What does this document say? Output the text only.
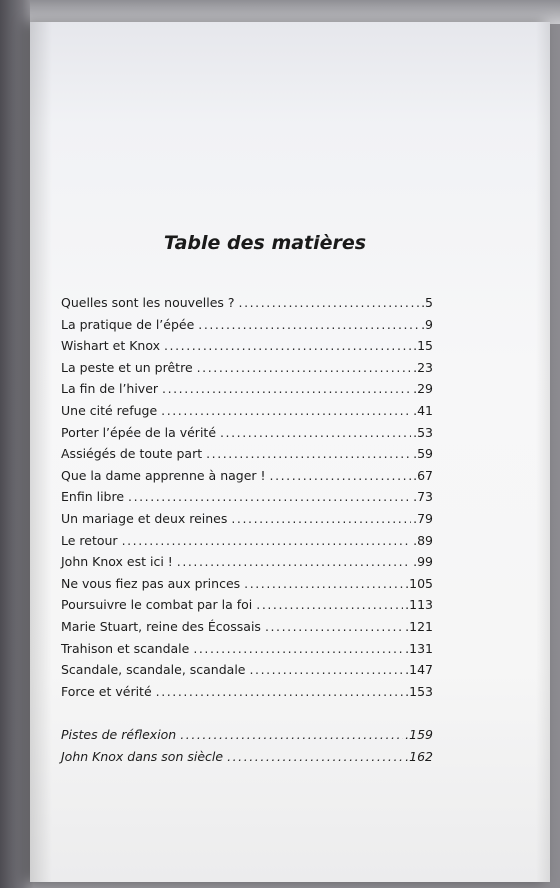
Table des matières
Quelles sont les nouvelles ? . . .	.5
La pratique de l’épée . . .	.9
Wishart et Knox . . .	.15
La peste et un prêtre . . .	.23
La fin de l’hiver . . .	.29
Une cité refuge . . .	.41
Porter l’épée de la vérité . . .	.53
Assiégés de toute part . . .	.59
Que la dame apprenne à nager ! . . .	.67
Enfin libre . . .	.73
Un mariage et deux reines . . .	.79
Le retour . . .	.89
John Knox est ici ! . . .	.99
Ne vous fiez pas aux princes . . .	.105
Poursuivre le combat par la foi . . .	.113
Marie Stuart, reine des Écossais . . .	.121
Trahison et scandale . . .	.131
Scandale, scandale, scandale . . .	.147
Force et vérité . . .	.153
Pistes de réflexion . . .	.159
John Knox dans son siècle . . .	.162
